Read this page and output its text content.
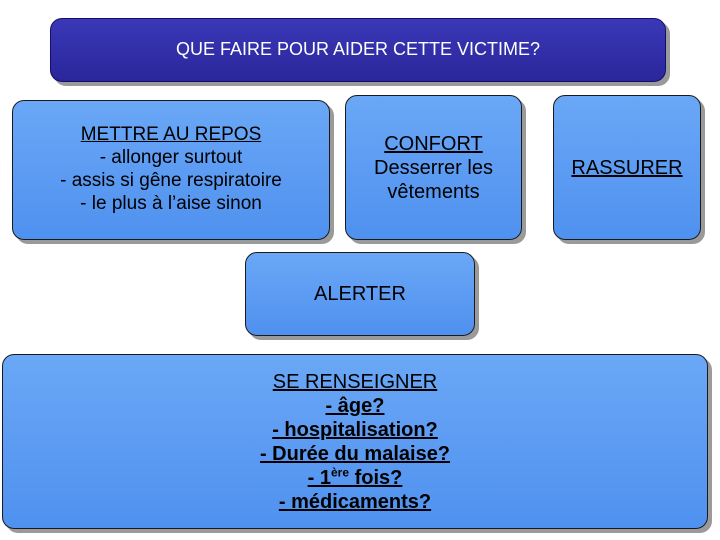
QUE FAIRE POUR AIDER CETTE VICTIME?
METTRE AU REPOS
- allonger surtout
- assis si gêne respiratoire
- le plus à l’aise sinon
CONFORT
Desserrer les
vêtements
RASSURER
ALERTER
SE RENSEIGNER
- âge?
- hospitalisation?
- Durée du malaise?
- 1ère fois?
- médicaments?
